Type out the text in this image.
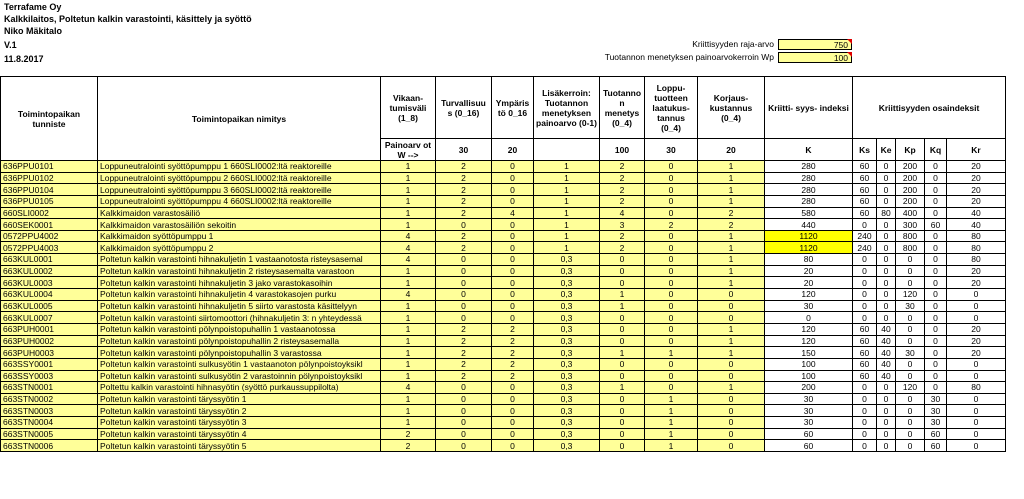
Terrafame Oy
Kalkkilaitos, Poltetun kalkin varastointi, käsittely ja syöttö
Niko Mäkitalo
V.1
11.8.2017
Kriittisyyden raja-arvo	750
Tuotannon menetyksen painoarvokerroin Wp	100
Toimintopaikan tunniste	Toimintopaikan nimitys	Vikaan- tumisväli (1_8)	Turvallisuu s (0_16)	Ympäris tö 0_16	Lisäkerroin: Tuotannon menetyksen painoarvo (0-1)	Tuotanno n menetys (0_4)	Loppu- tuotteen laatukus- tannus (0_4)	Korjaus- kustannus (0_4)	Kriitti- syys- indeksi	Kriittisyyden osaindeksit				
		Painoarv ot W -->	30	20		100	30	20	K	Ks	Ke	Kp	Kq	Kr
636PPU0101	Loppuneutralointi syöttöpumppu 1 660SLI0002:ltä reaktoreille	1	2	0	1	2	0	1	280	60	0	200	0	20
636PPU0102	Loppuneutralointi syöttöpumppu 2 660SLI0002:ltä reaktoreille	1	2	0	1	2	0	1	280	60	0	200	0	20
636PPU0104	Loppuneutralointi syöttöpumppu 3 660SLI0002:ltä reaktoreille	1	2	0	1	2	0	1	280	60	0	200	0	20
636PPU0105	Loppuneutralointi syöttöpumppu 4 660SLI0002:ltä reaktoreille	1	2	0	1	2	0	1	280	60	0	200	0	20
660SLI0002	Kalkkimaidon varastosäiliö	1	2	4	1	4	0	2	580	60	80	400	0	40
660SEK0001	Kalkkimaidon varastosäiliön sekoitin	1	0	0	1	3	2	2	440	0	0	300	60	40
0572PPU4002	Kalkkimaidon syöttöpumppu 1	4	2	0	1	2	0	1	1120	240	0	800	0	80
0572PPU4003	Kalkkimaidon syöttöpumppu 2	4	2	0	1	2	0	1	1120	240	0	800	0	80
663KUL0001	Poltetun kalkin varastointi hihnakuljetin 1 vastaanotosta risteysasemal	4	0	0	0,3	0	0	1	80	0	0	0	0	80
663KUL0002	Poltetun kalkin varastointi hihnakuljetin 2 risteysasemalta varastoon	1	0	0	0,3	0	0	1	20	0	0	0	0	20
663KUL0003	Poltetun kalkin varastointi hihnakuljetin 3 jako varastokasoihin	1	0	0	0,3	0	0	1	20	0	0	0	0	20
663KUL0004	Poltetun kalkin varastointi hihnakuljetin 4 varastokasojen purku	4	0	0	0,3	1	0	0	120	0	0	120	0	0
663KUL0005	Poltetun kalkin varastointi hihnakuljetin 5 siirto varastosta käsittelyyn	1	0	0	0,3	1	0	0	30	0	0	30	0	0
663KUL0007	Poltetun kalkin varastointi siirtomoottori (hihnakuljetin 3: n yhteydessä	1	0	0	0,3	0	0	0	0	0	0	0	0	0
663PUH0001	Poltetun kalkin varastointi pölynpoistopuhallin 1 vastaanotossa	1	2	2	0,3	0	0	1	120	60	40	0	0	20
663PUH0002	Poltetun kalkin varastointi pölynpoistopuhallin 2 risteysasemalla	1	2	2	0,3	0	0	1	120	60	40	0	0	20
663PUH0003	Poltetun kalkin varastointi pölynpoistopuhallin 3 varastossa	1	2	2	0,3	1	1	1	150	60	40	30	0	20
663SSY0001	Poltetun kalkin varastointi sulkusyötin 1 vastaanoton pölynpoistoyksikl	1	2	2	0,3	0	0	0	100	60	40	0	0	0
663SSY0003	Poltetun kalkin varastointi sulkusyötin 2 varastoinnin pölynpoistoyksikl	1	2	2	0,3	0	0	0	100	60	40	0	0	0
663STN0001	Poltettu kalkin varastointi hihnasyötin (syöttö purkaussuppilolta)	4	0	0	0,3	1	0	1	200	0	0	120	0	80
663STN0002	Poltetun kalkin varastointi täryssyötin 1	1	0	0	0,3	0	1	0	30	0	0	0	30	0
663STN0003	Poltetun kalkin varastointi täryssyötin 2	1	0	0	0,3	0	1	0	30	0	0	0	30	0
663STN0004	Poltetun kalkin varastointi täryssyötin 3	1	0	0	0,3	0	1	0	30	0	0	0	30	0
663STN0005	Poltetun kalkin varastointi täryssyötin 4	2	0	0	0,3	0	1	0	60	0	0	0	60	0
663STN0006	Poltetun kalkin varastointi täryssyötin 5	2	0	0	0,3	0	1	0	60	0	0	0	60	0
